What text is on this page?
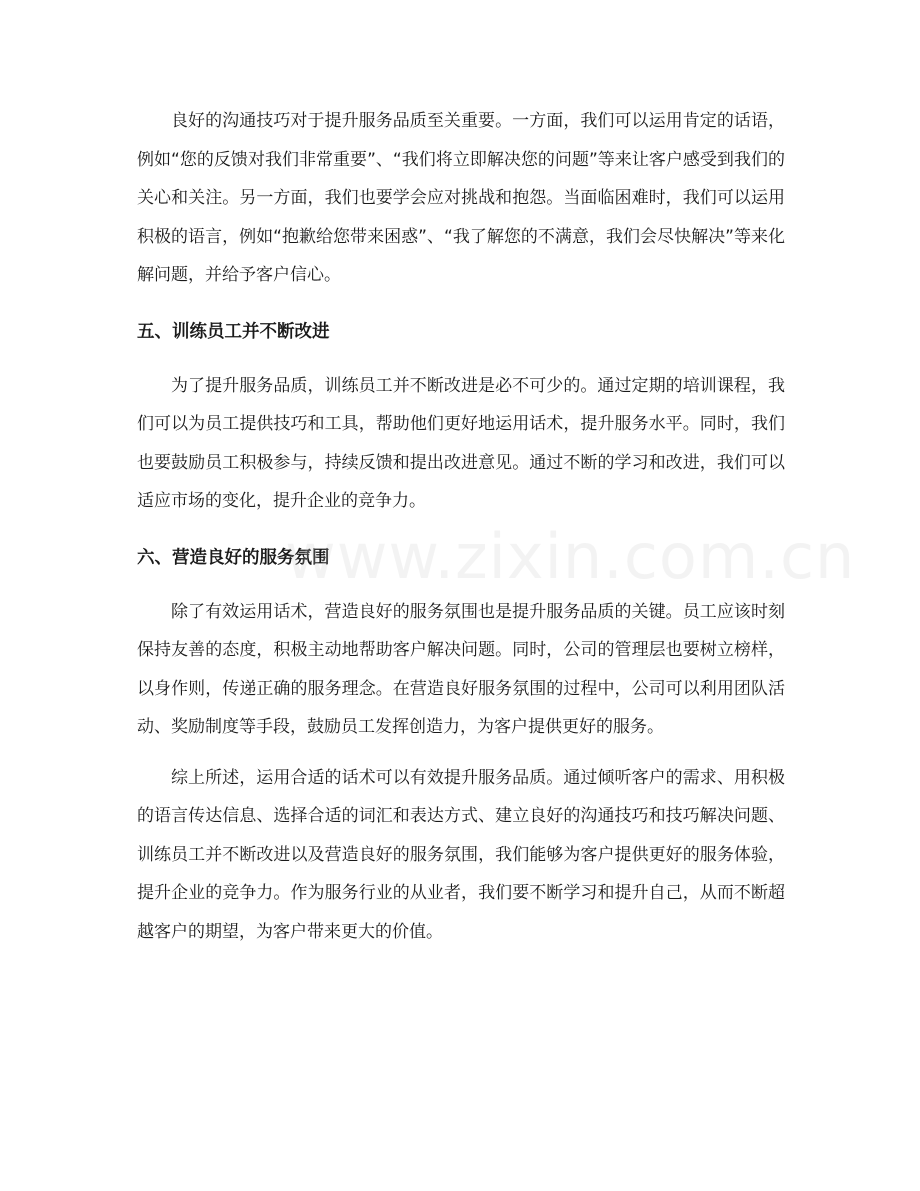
良好的沟通技巧对于提升服务品质至关重要。一方面，我们可以运用肯定的话语，例如“您的反馈对我们非常重要”、“我们将立即解决您的问题”等来让客户感受到我们的关心和关注。另一方面，我们也要学会应对挑战和抱怨。当面临困难时，我们可以运用积极的语言，例如“抱歉给您带来困惑”、“我了解您的不满意，我们会尽快解决”等来化解问题，并给予客户信心。

五、训练员工并不断改进

为了提升服务品质，训练员工并不断改进是必不可少的。通过定期的培训课程，我们可以为员工提供技巧和工具，帮助他们更好地运用话术，提升服务水平。同时，我们也要鼓励员工积极参与，持续反馈和提出改进意见。通过不断的学习和改进，我们可以适应市场的变化，提升企业的竞争力。

六、营造良好的服务氛围

除了有效运用话术，营造良好的服务氛围也是提升服务品质的关键。员工应该时刻保持友善的态度，积极主动地帮助客户解决问题。同时，公司的管理层也要树立榜样，以身作则，传递正确的服务理念。在营造良好服务氛围的过程中，公司可以利用团队活动、奖励制度等手段，鼓励员工发挥创造力，为客户提供更好的服务。

综上所述，运用合适的话术可以有效提升服务品质。通过倾听客户的需求、用积极的语言传达信息、选择合适的词汇和表达方式、建立良好的沟通技巧和技巧解决问题、训练员工并不断改进以及营造良好的服务氛围，我们能够为客户提供更好的服务体验，提升企业的竞争力。作为服务行业的从业者，我们要不断学习和提升自己，从而不断超越客户的期望，为客户带来更大的价值。

www.zixin.com.cn
